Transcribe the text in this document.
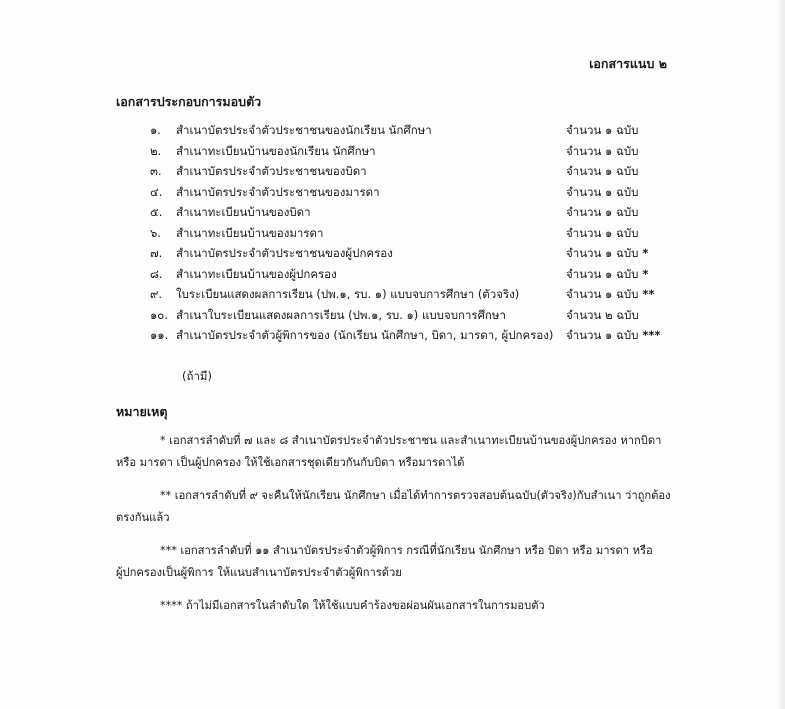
เอกสารแนบ ๒
เอกสารประกอบการมอบตัว
๑. สำเนาบัตรประจำตัวประชาชนของนักเรียน นักศึกษา	จำนวน ๑ ฉบับ
๒. สำเนาทะเบียนบ้านของนักเรียน นักศึกษา	จำนวน ๑ ฉบับ
๓. สำเนาบัตรประจำตัวประชาชนของบิดา	จำนวน ๑ ฉบับ
๔. สำเนาบัตรประจำตัวประชาชนของมารดา	จำนวน ๑ ฉบับ
๕. สำเนาทะเบียนบ้านของบิดา	จำนวน ๑ ฉบับ
๖. สำเนาทะเบียนบ้านของมารดา	จำนวน ๑ ฉบับ
๗. สำเนาบัตรประจำตัวประชาชนของผู้ปกครอง	จำนวน ๑ ฉบับ *
๘. สำเนาทะเบียนบ้านของผู้ปกครอง	จำนวน ๑ ฉบับ *
๙. ใบระเบียนแสดงผลการเรียน (ปพ.๑, รบ. ๑) แบบจบการศึกษา (ตัวจริง)	จำนวน ๑ ฉบับ **
๑๐. สำเนาใบระเบียนแสดงผลการเรียน (ปพ.๑, รบ. ๑) แบบจบการศึกษา	จำนวน ๒ ฉบับ
๑๑. สำเนาบัตรประจำตัวผู้พิการของ (นักเรียน นักศึกษา, บิดา, มารดา, ผู้ปกครอง) จำนวน ๑ ฉบับ ***
(ถ้ามี)
หมายเหตุ
* เอกสารลำดับที่ ๗ และ ๘ สำเนาบัตรประจำตัวประชาชน และสำเนาทะเบียนบ้านของผู้ปกครอง หากบิดา
หรือ มารดา เป็นผู้ปกครอง ให้ใช้เอกสารชุดเดียวกันกับบิดา หรือมารดาได้
** เอกสารลำดับที่ ๙ จะคืนให้นักเรียน นักศึกษา เมื่อได้ทำการตรวจสอบต้นฉบับ(ตัวจริง)กับสำเนา ว่าถูกต้อง
ตรงกันแล้ว
*** เอกสารลำดับที่ ๑๑ สำเนาบัตรประจำตัวผู้พิการ กรณีที่นักเรียน นักศึกษา หรือ บิดา หรือ มารดา หรือ
ผู้ปกครองเป็นผู้พิการ ให้แนบสำเนาบัตรประจำตัวผู้พิการด้วย
**** ถ้าไม่มีเอกสารในลำดับใด ให้ใช้แบบคำร้องขอผ่อนผันเอกสารในการมอบตัว
